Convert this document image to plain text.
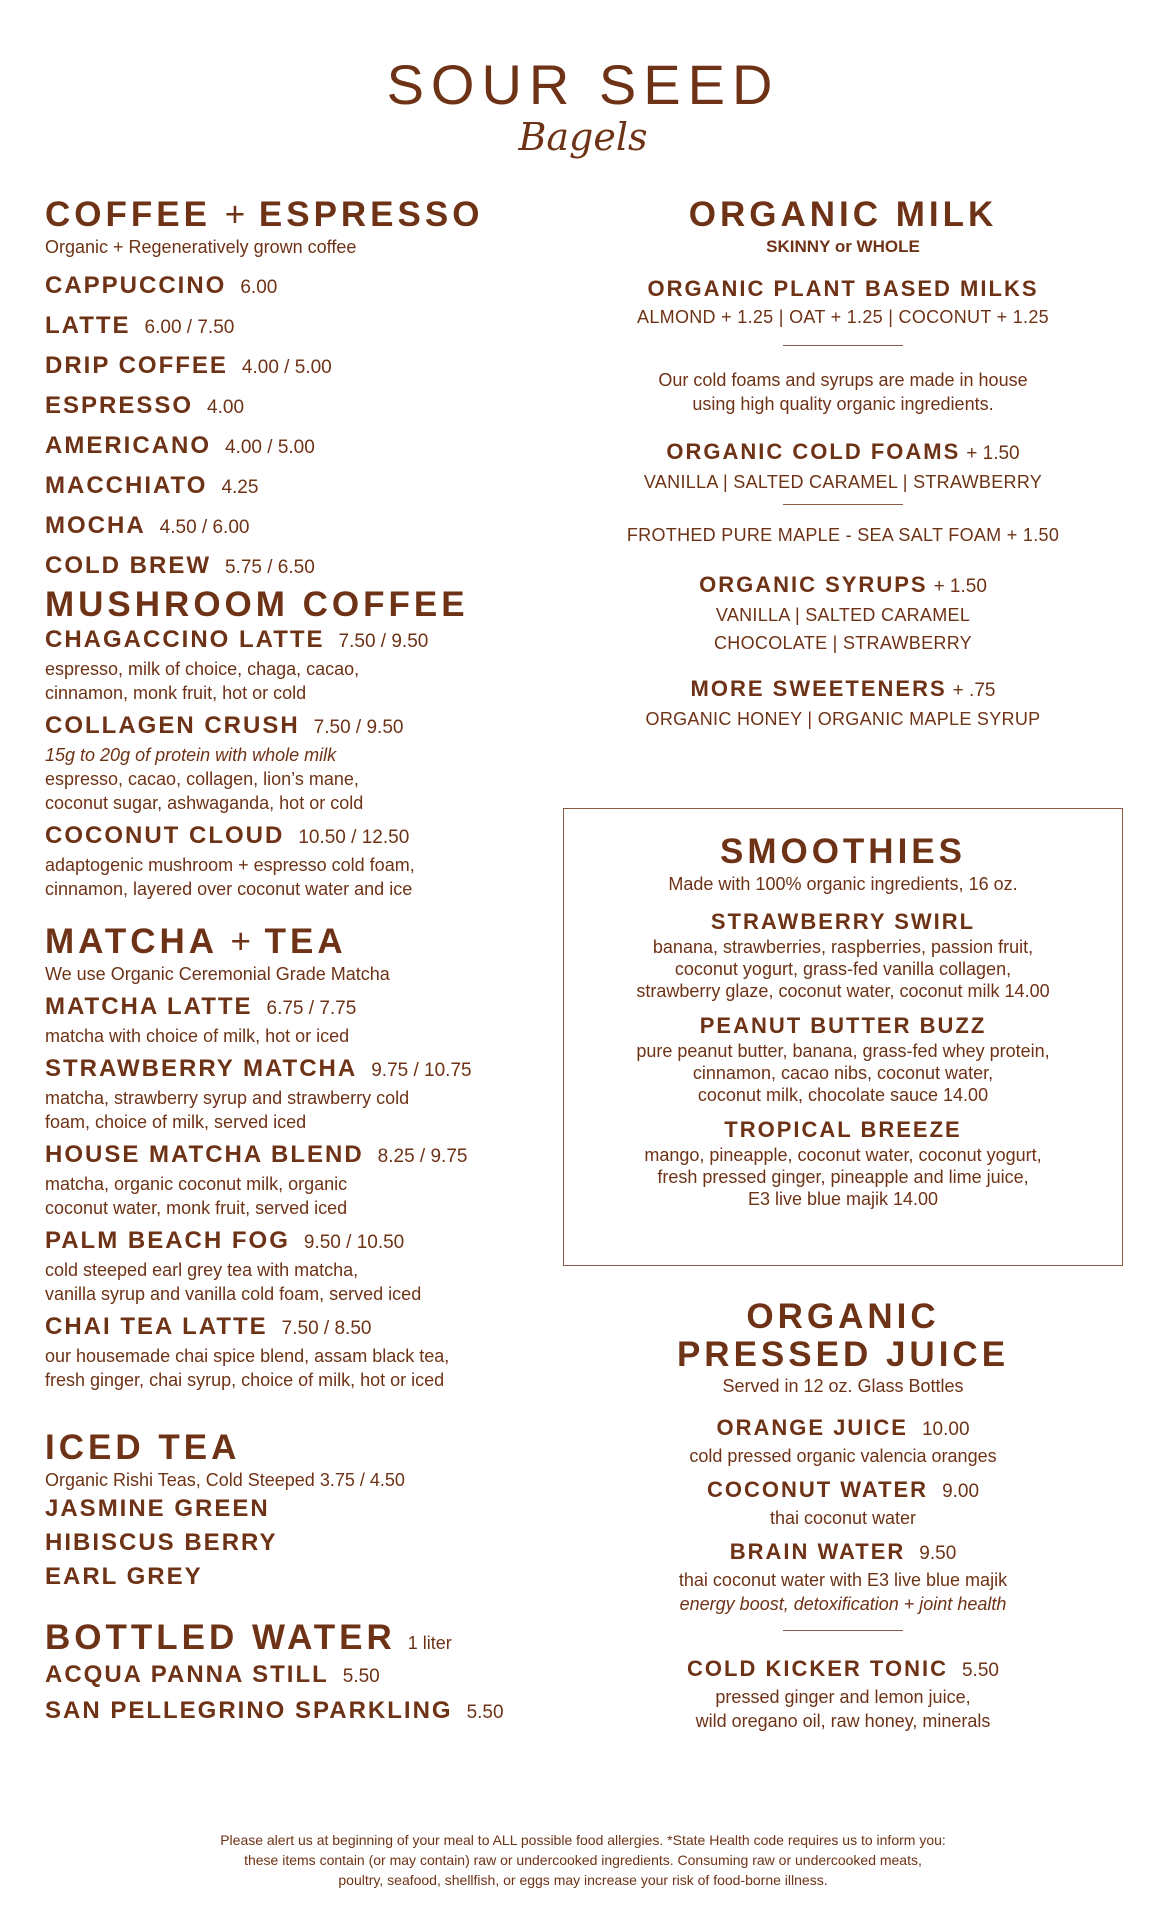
SOUR SEED
Bagels
COFFEE + ESPRESSO
Organic + Regeneratively grown coffee
CAPPUCCINO 6.00
LATTE 6.00 / 7.50
DRIP COFFEE 4.00 / 5.00
ESPRESSO 4.00
AMERICANO 4.00 / 5.00
MACCHIATO 4.25
MOCHA 4.50 / 6.00
COLD BREW 5.75 / 6.50
MUSHROOM COFFEE
CHAGACCINO LATTE 7.50 / 9.50
espresso, milk of choice, chaga, cacao,
cinnamon, monk fruit, hot or cold
COLLAGEN CRUSH 7.50 / 9.50
15g to 20g of protein with whole milk
espresso, cacao, collagen, lion’s mane,
coconut sugar, ashwaganda, hot or cold
COCONUT CLOUD 10.50 / 12.50
adaptogenic mushroom + espresso cold foam,
cinnamon, layered over coconut water and ice
MATCHA + TEA
We use Organic Ceremonial Grade Matcha
MATCHA LATTE 6.75 / 7.75
matcha with choice of milk, hot or iced
STRAWBERRY MATCHA 9.75 / 10.75
matcha, strawberry syrup and strawberry cold
foam, choice of milk, served iced
HOUSE MATCHA BLEND 8.25 / 9.75
matcha, organic coconut milk, organic
coconut water, monk fruit, served iced
PALM BEACH FOG 9.50 / 10.50
cold steeped earl grey tea with matcha,
vanilla syrup and vanilla cold foam, served iced
CHAI TEA LATTE 7.50 / 8.50
our housemade chai spice blend, assam black tea,
fresh ginger, chai syrup, choice of milk, hot or iced
ICED TEA
Organic Rishi Teas, Cold Steeped 3.75 / 4.50
JASMINE GREEN
HIBISCUS BERRY
EARL GREY
BOTTLED WATER 1 liter
ACQUA PANNA STILL 5.50
SAN PELLEGRINO SPARKLING 5.50
ORGANIC MILK
SKINNY or WHOLE
ORGANIC PLANT BASED MILKS
ALMOND + 1.25 | OAT + 1.25 | COCONUT + 1.25
Our cold foams and syrups are made in house
using high quality organic ingredients.
ORGANIC COLD FOAMS + 1.50
VANILLA | SALTED CARAMEL | STRAWBERRY
FROTHED PURE MAPLE - SEA SALT FOAM + 1.50
ORGANIC SYRUPS + 1.50
VANILLA | SALTED CARAMEL
CHOCOLATE | STRAWBERRY
MORE SWEETENERS + .75
ORGANIC HONEY | ORGANIC MAPLE SYRUP
SMOOTHIES
Made with 100% organic ingredients, 16 oz.
STRAWBERRY SWIRL
banana, strawberries, raspberries, passion fruit,
coconut yogurt, grass-fed vanilla collagen,
strawberry glaze, coconut water, coconut milk 14.00
PEANUT BUTTER BUZZ
pure peanut butter, banana, grass-fed whey protein,
cinnamon, cacao nibs, coconut water,
coconut milk, chocolate sauce 14.00
TROPICAL BREEZE
mango, pineapple, coconut water, coconut yogurt,
fresh pressed ginger, pineapple and lime juice,
E3 live blue majik 14.00
ORGANIC
PRESSED JUICE
Served in 12 oz. Glass Bottles
ORANGE JUICE 10.00
cold pressed organic valencia oranges
COCONUT WATER 9.00
thai coconut water
BRAIN WATER 9.50
thai coconut water with E3 live blue majik
energy boost, detoxification + joint health
COLD KICKER TONIC 5.50
pressed ginger and lemon juice,
wild oregano oil, raw honey, minerals
Please alert us at beginning of your meal to ALL possible food allergies. *State Health code requires us to inform you:
these items contain (or may contain) raw or undercooked ingredients. Consuming raw or undercooked meats,
poultry, seafood, shellfish, or eggs may increase your risk of food-borne illness.
